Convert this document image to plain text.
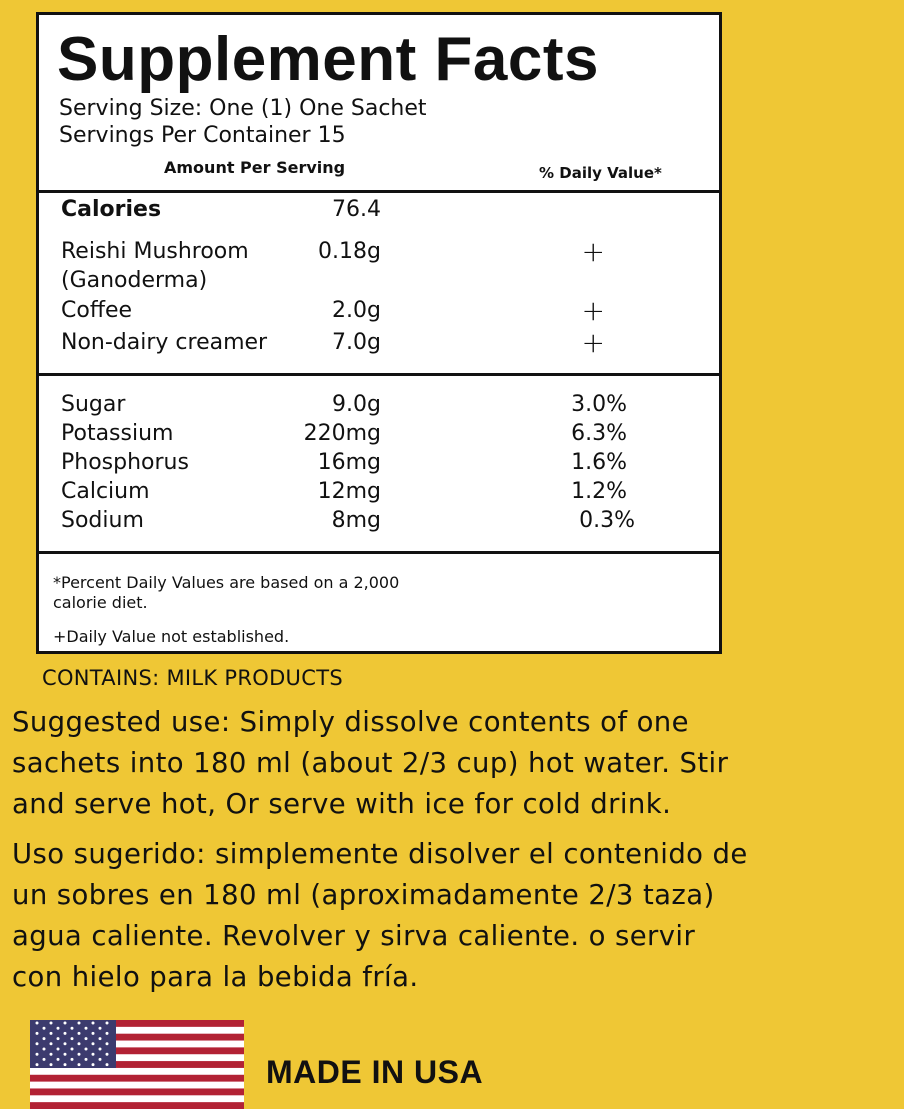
Supplement Facts
Serving Size: One (1) One Sachet
Servings Per Container 15
Amount Per Serving	% Daily Value*
Calories	76.4
Reishi Mushroom	0.18g	+
(Ganoderma)
Coffee	2.0g	+
Non-dairy creamer	7.0g	+
Sugar	9.0g	3.0%
Potassium	220mg	6.3%
Phosphorus	16mg	1.6%
Calcium	12mg	1.2%
Sodium	8mg	0.3%
*Percent Daily Values are based on a 2,000
calorie diet.
+Daily Value not established.
CONTAINS: MILK PRODUCTS
Suggested use: Simply dissolve contents of one
sachets into 180 ml (about 2/3 cup) hot water. Stir
and serve hot, Or serve with ice for cold drink.
Uso sugerido: simplemente disolver el contenido de
un sobres en 180 ml (aproximadamente 2/3 taza)
agua caliente. Revolver y sirva caliente. o servir
con hielo para la bebida fría.
MADE IN USA
